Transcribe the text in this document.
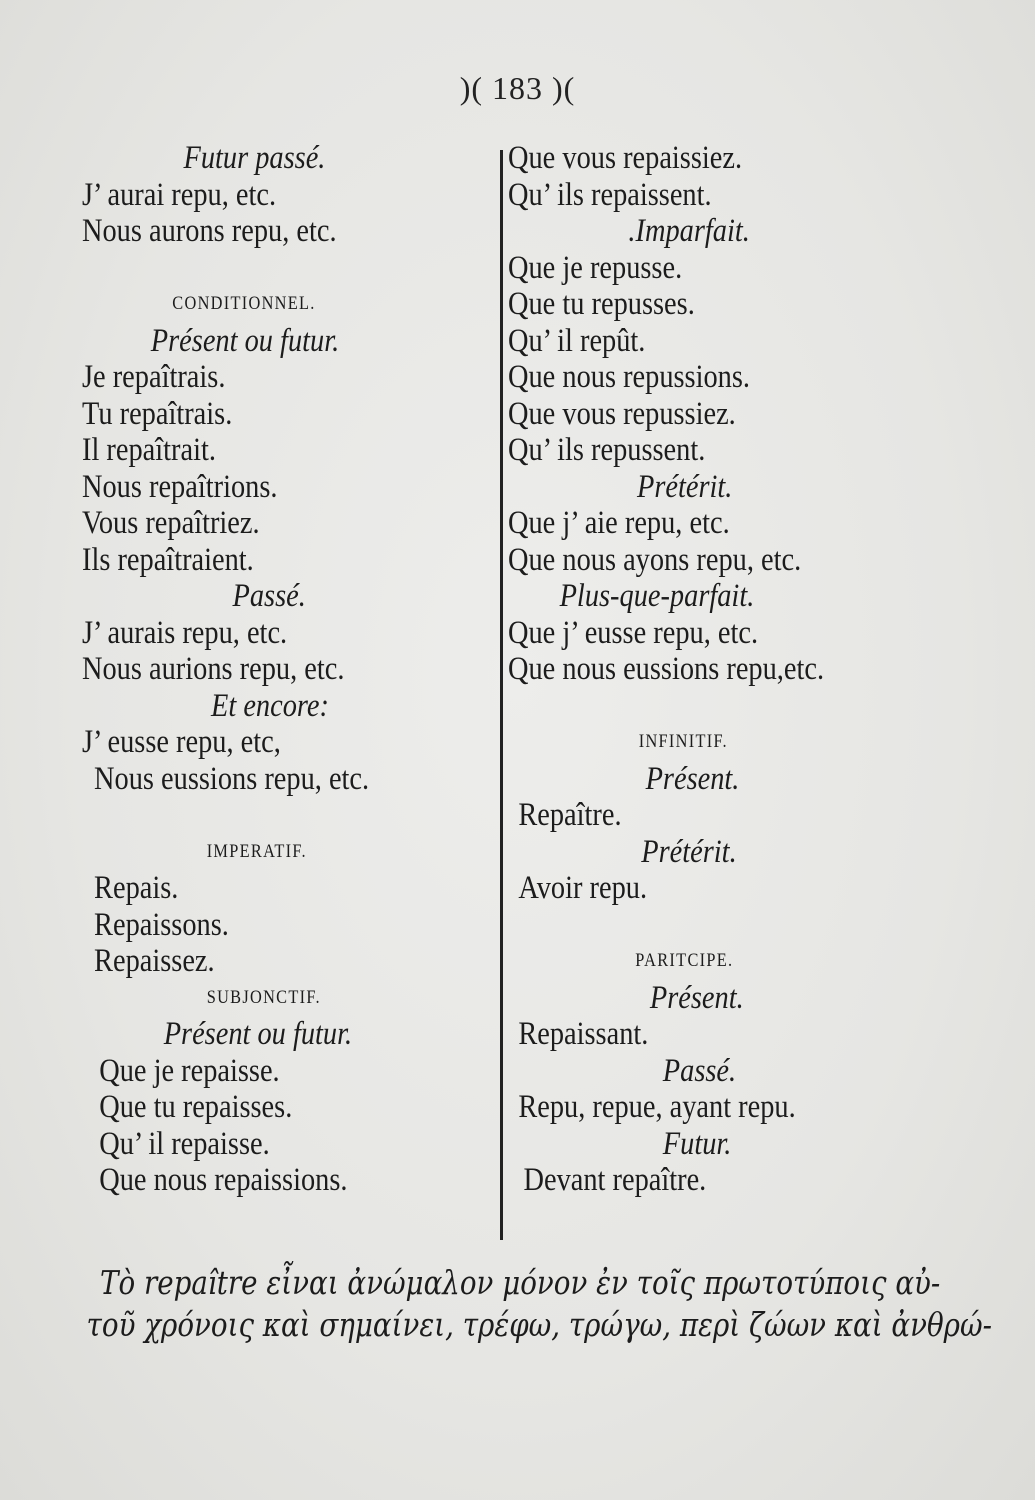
)( 183 )(
Futur passé.
J’ aurai repu, etc.
Nous aurons repu, etc.
CONDITIONNEL.
Présent ou futur.
Je repaîtrais.
Tu repaîtrais.
Il repaîtrait.
Nous repaîtrions.
Vous repaîtriez.
Ils repaîtraient.
Passé.
J’ aurais repu, etc.
Nous aurions repu, etc.
Et encore:
J’ eusse repu, etc,
Nous eussions repu, etc.
IMPERATIF.
Repais.
Repaissons.
Repaissez.
SUBJONCTIF.
Présent ou futur.
Que je repaisse.
Que tu repaisses.
Qu’ il repaisse.
Que nous repaissions.
Que vous repaissiez.
Qu’ ils repaissent.
.Imparfait.
Que je repusse.
Que tu repusses.
Qu’ il repût.
Que nous repussions.
Que vous repussiez.
Qu’ ils repussent.
Prétérit.
Que j’ aie repu, etc.
Que nous ayons repu, etc.
Plus-que-parfait.
Que j’ eusse repu, etc.
Que nous eussions repu,etc.
INFINITIF.
Présent.
Repaître.
Prétérit.
Avoir repu.
PARITCIPE.
Présent.
Repaissant.
Passé.
Repu, repue, ayant repu.
Futur.
Devant repaître.
Τὸ repaître εἶναι ἀνώμαλον μόνον ἐν τοῖς πρωτοτύποις αὐ-
τοῦ χρόνοις καὶ σημαίνει, τρέφω, τρώγω, περὶ ζώων καὶ ἀνθρώ-
